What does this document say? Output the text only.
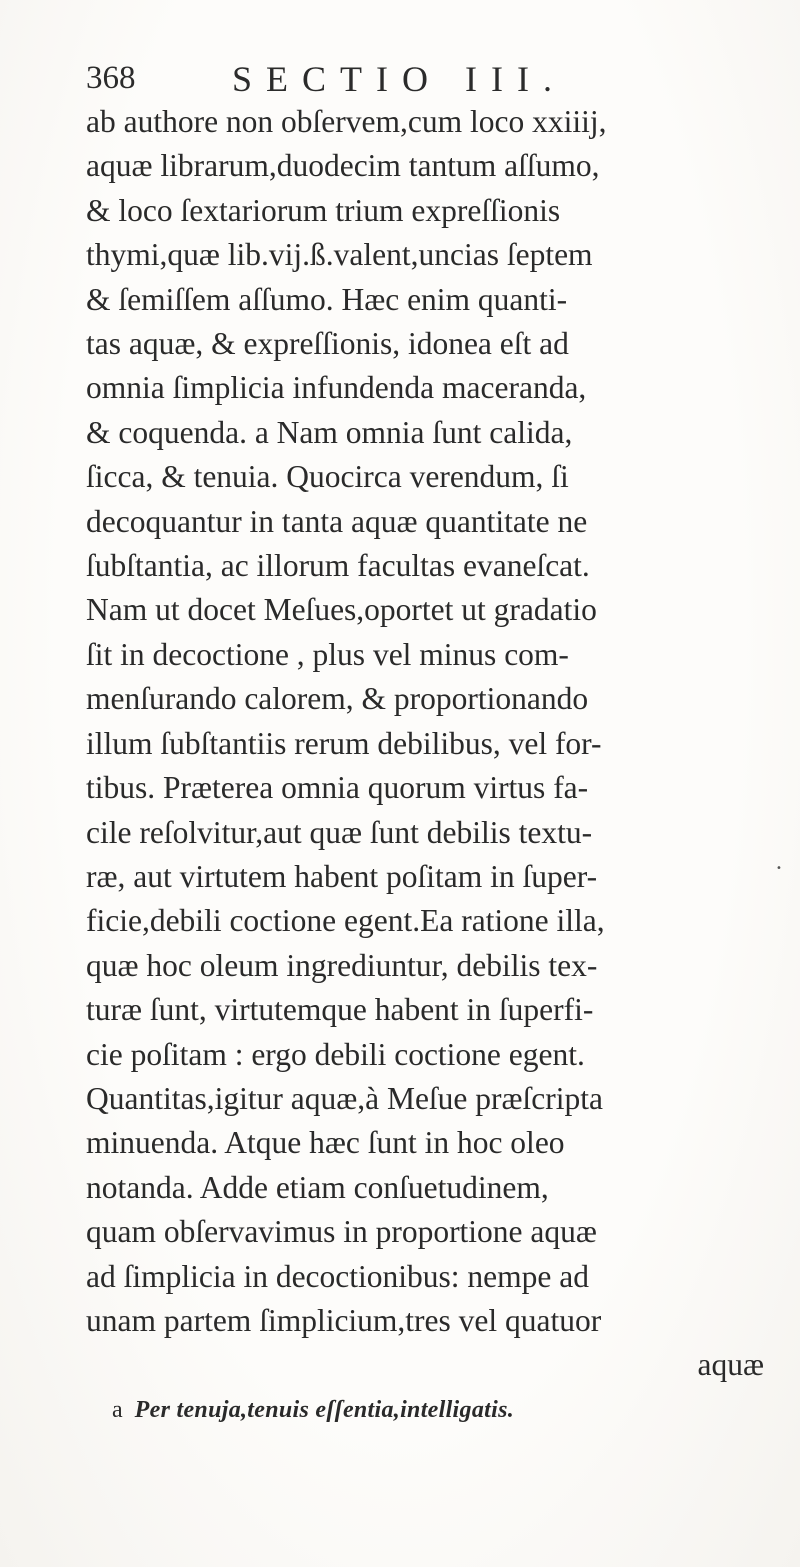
368	SECTIO III.
ab authore non obſervem,cum loco xxiiij,
aquæ librarum,duodecim tantum aſſumo,
& loco ſextariorum trium expreſſionis
thymi,quæ lib.vij.ß.valent,uncias ſeptem
& ſemiſſem aſſumo. Hæc enim quanti-
tas aquæ, & expreſſionis, idonea eſt ad
omnia ſimplicia infundenda maceranda,
& coquenda. a Nam omnia ſunt calida,
ſicca, & tenuia. Quocirca verendum, ſi
decoquantur in tanta aquæ quantitate ne
ſubſtantia, ac illorum facultas evaneſcat.
Nam ut docet Meſues,oportet ut gradatio
ſit in decoctione , plus vel minus com-
menſurando calorem, & proportionando
illum ſubſtantiis rerum debilibus, vel for-
tibus. Præterea omnia quorum virtus fa-
cile reſolvitur,aut quæ ſunt debilis textu-
ræ, aut virtutem habent poſitam in ſuper-
ficie,debili coctione egent.Ea ratione illa,
quæ hoc oleum ingrediuntur, debilis tex-
turæ ſunt, virtutemque habent in ſuperfi-
cie poſitam : ergo debili coctione egent.
Quantitas,igitur aquæ,à Meſue præſcripta
minuenda. Atque hæc ſunt in hoc oleo
notanda. Adde etiam conſuetudinem,
quam obſervavimus in proportione aquæ
ad ſimplicia in decoctionibus: nempe ad
unam partem ſimplicium,tres vel quatuor
aquæ
a Per tenuja,tenuis eſſentia,intelligatis.
•
